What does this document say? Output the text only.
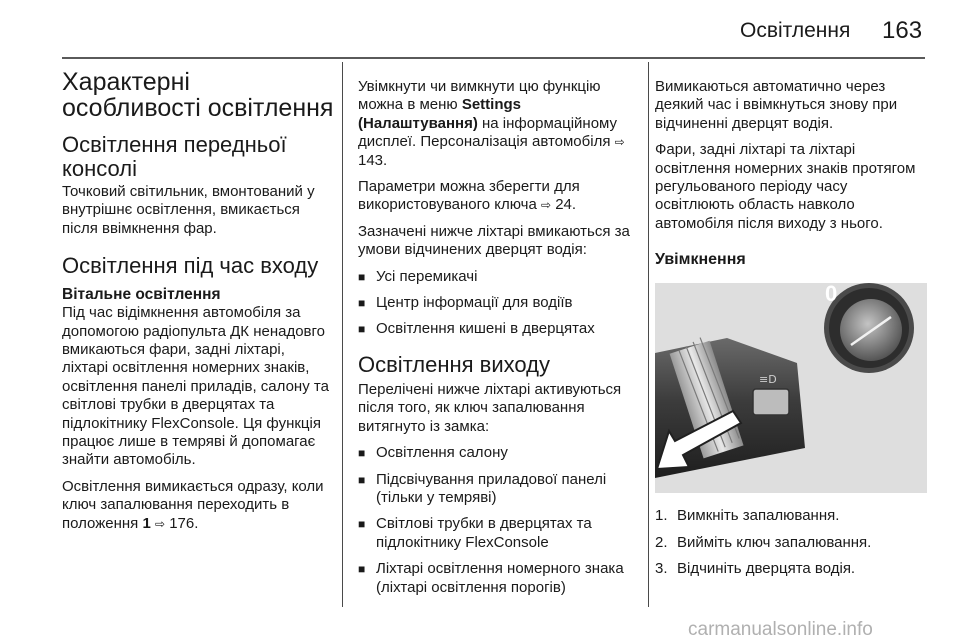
Освітлення 163
Характерні особливості освітлення
Освітлення передньої консолі

Точковий світильник, вмонтований у внутрішнє освітлення, вмикається після ввімкнення фар.

Освітлення під час входу
Вітальне освітлення

Під час відімкнення автомобіля за допомогою радіопульта ДК ненадовго вмикаються фари, задні ліхтарі, ліхтарі освітлення номерних знаків, освітлення панелі приладів, салону та світлові трубки в дверцятах та підлокітнику FlexConsole. Ця функція працює лише в темряві й допомагає знайти автомобіль.

Освітлення вимикається одразу, коли ключ запалювання переходить в положення 1 ⇨ 176.

Увімкнути чи вимкнути цю функцію можна в меню Settings (Налаштування) на інформаційному дисплеї. Персоналізація автомобіля ⇨ 143.

Параметри можна зберегти для використовуваного ключа ⇨ 24.

Зазначені нижче ліхтарі вмикаються за умови відчинених дверцят водія:

■ Усі перемикачі
■ Центр інформації для водіїв
■ Освітлення кишені в дверцятах
Освітлення виходу

Перелічені нижче ліхтарі активуються після того, як ключ запалювання витягнуто із замка:

■ Освітлення салону
■ Підсвічування приладової панелі (тільки у темряві)
■ Світлові трубки в дверцятах та підлокітнику FlexConsole
■ Ліхтарі освітлення номерного знака (ліхтарі освітлення порогів)

Вимикаються автоматично через деякий час і ввімкнуться знову при відчиненні дверцят водія.

Фари, задні ліхтарі та ліхтарі освітлення номерних знаків протягом регульованого періоду часу освітлюють область навколо автомобіля після виходу з нього.

Увімкнення
≡D
0
1. Вимкніть запалювання.
2. Вийміть ключ запалювання.
3. Відчиніть дверцята водія.
carmanualsonline.info
